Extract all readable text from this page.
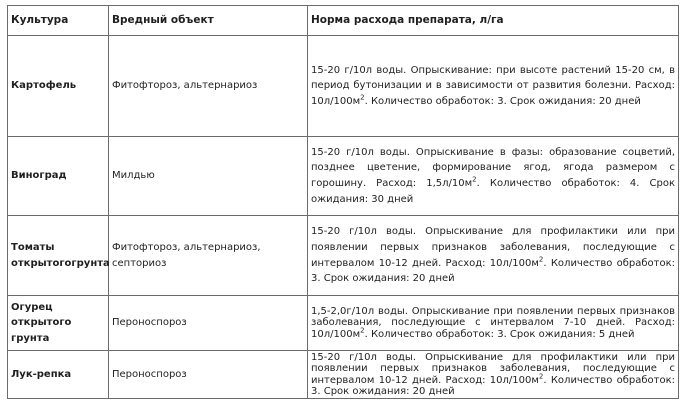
Культура	Вредный объект	Норма расхода препарата, л/га
Картофель	Фитофтороз, альтернариоз	15-20 г/10л воды. Опрыскивание: при высоте растений 15-20 см, в период бутонизации и в зависимости от развития болезни. Расход: $10л/100м^2$. Количество обработок: 3. Срок ожидания: 20 дней
Виноград	Милдью	15-20 г/10л воды. Опрыскивание в фазы: образование соцветий, позднее цветение, формирование ягод, ягода размером с горошину. Расход: $1,5л/10м^2$. Количество обработок: 4. Срок ожидания: 30 дней
Томаты открытогогрунта	Фитофтороз, альтернариоз, септориоз	15-20 г/10л воды. Опрыскивание для профилактики или при появлении первых признаков заболевания, последующие с интервалом 10-12 дней. Расход: $10л/100м^2$. Количество обработок: 3. Срок ожидания: 20 дней
Огурец открытого грунта	Пероноспороз	1,5-2,0г/10л воды. Опрыскивание при появлении первых признаков заболевания, последующие с интервалом 7-10 дней. Расход: $10л/100м^2$. Количество обработок: 3. Срок ожидания: 5 дней
Лук-репка	Пероноспороз	15-20 г/10л воды. Опрыскивание для профилактики или при появлении первых признаков заболевания, последующие с интервалом 10-12 дней. Расход: $10л/100м^2$. Количество обработок: 3. Срок ожидания: 20 дней
